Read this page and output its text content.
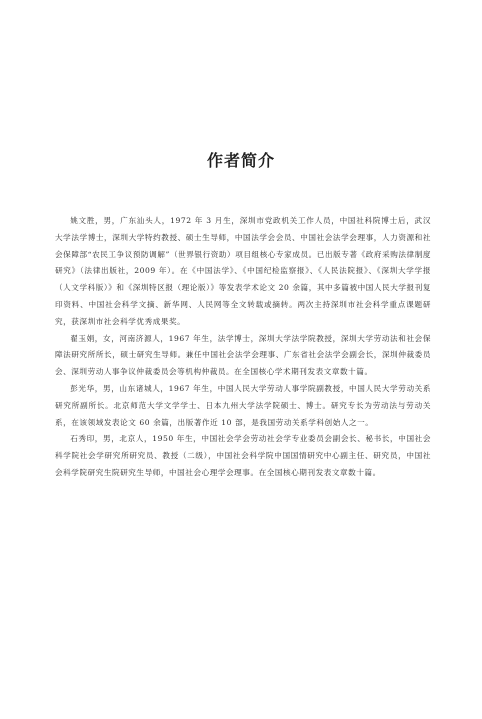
作者简介

姚文胜，男，广东汕头人，1972 年 3 月生，深圳市党政机关工作人员，中国社科院博士后，武汉大学法学博士，深圳大学特约教授、硕士生导师，中国法学会会员、中国社会法学会理事，人力资源和社会保障部“农民工争议预防调解”（世界银行资助）项目组核心专家成员。已出版专著《政府采购法律制度研究》（法律出版社，2009 年）。在《中国法学》、《中国纪检监察报》、《人民法院报》、《深圳大学学报（人文学科版）》和《深圳特区报（理论版）》等发表学术论文 20 余篇，其中多篇被中国人民大学报刊复印资料、中国社会科学文摘、新华网、人民网等全文转载或摘转。两次主持深圳市社会科学重点课题研究，获深圳市社会科学优秀成果奖。

翟玉娟，女，河南济源人，1967 年生，法学博士，深圳大学法学院教授，深圳大学劳动法和社会保障法研究所所长，硕士研究生导师。兼任中国社会法学会理事、广东省社会法学会副会长，深圳仲裁委员会、深圳劳动人事争议仲裁委员会等机构仲裁员。在全国核心学术期刊发表文章数十篇。

彭光华，男，山东诸城人，1967 年生，中国人民大学劳动人事学院副教授，中国人民大学劳动关系研究所副所长。北京师范大学文学学士、日本九州大学法学院硕士、博士。研究专长为劳动法与劳动关系，在该领域发表论文 60 余篇，出版著作近 10 部，是我国劳动关系学科创始人之一。

石秀印，男，北京人，1950 年生，中国社会学会劳动社会学专业委员会副会长、秘书长，中国社会科学院社会学研究所研究员、教授（二级），中国社会科学院中国国情研究中心副主任、研究员，中国社会科学院研究生院研究生导师，中国社会心理学会理事。在全国核心期刊发表文章数十篇。
